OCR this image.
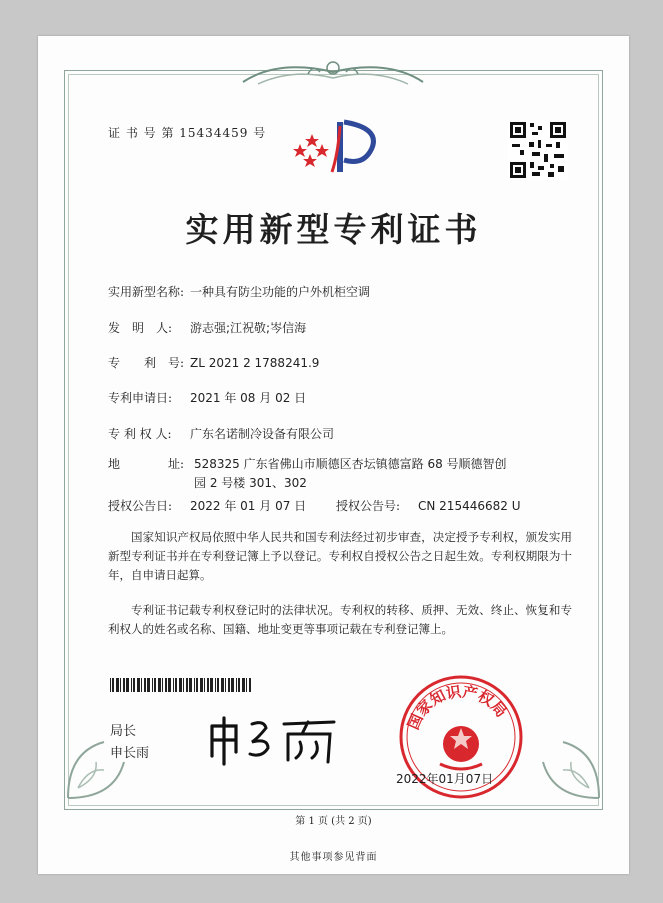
证 书 号 第 15434459 号
实用新型专利证书
实用新型名称: 一种具有防尘功能的户外机柜空调
发　明　人: 游志强;江祝敬;岑信海
专　　利　号: ZL 2021 2 1788241.9
专利申请日: 2021 年 08 月 02 日
专 利 权 人: 广东名诺制冷设备有限公司
地　　　　址: 528325 广东省佛山市顺德区杏坛镇德富路 68 号顺德智创园 2 号楼 301、302
授权公告日: 2022 年 01 月 07 日 授权公告号: CN 215446682 U
国家知识产权局依照中华人民共和国专利法经过初步审查，决定授予专利权，颁发实用新型专利证书并在专利登记簿上予以登记。专利权自授权公告之日起生效。专利权期限为十年，自申请日起算。
专利证书记载专利权登记时的法律状况。专利权的转移、质押、无效、终止、恢复和专利权人的姓名或名称、国籍、地址变更等事项记载在专利登记簿上。
局长
申长雨
国家知识产权局
2022年01月07日
第 1 页 (共 2 页)
其他事项参见背面
